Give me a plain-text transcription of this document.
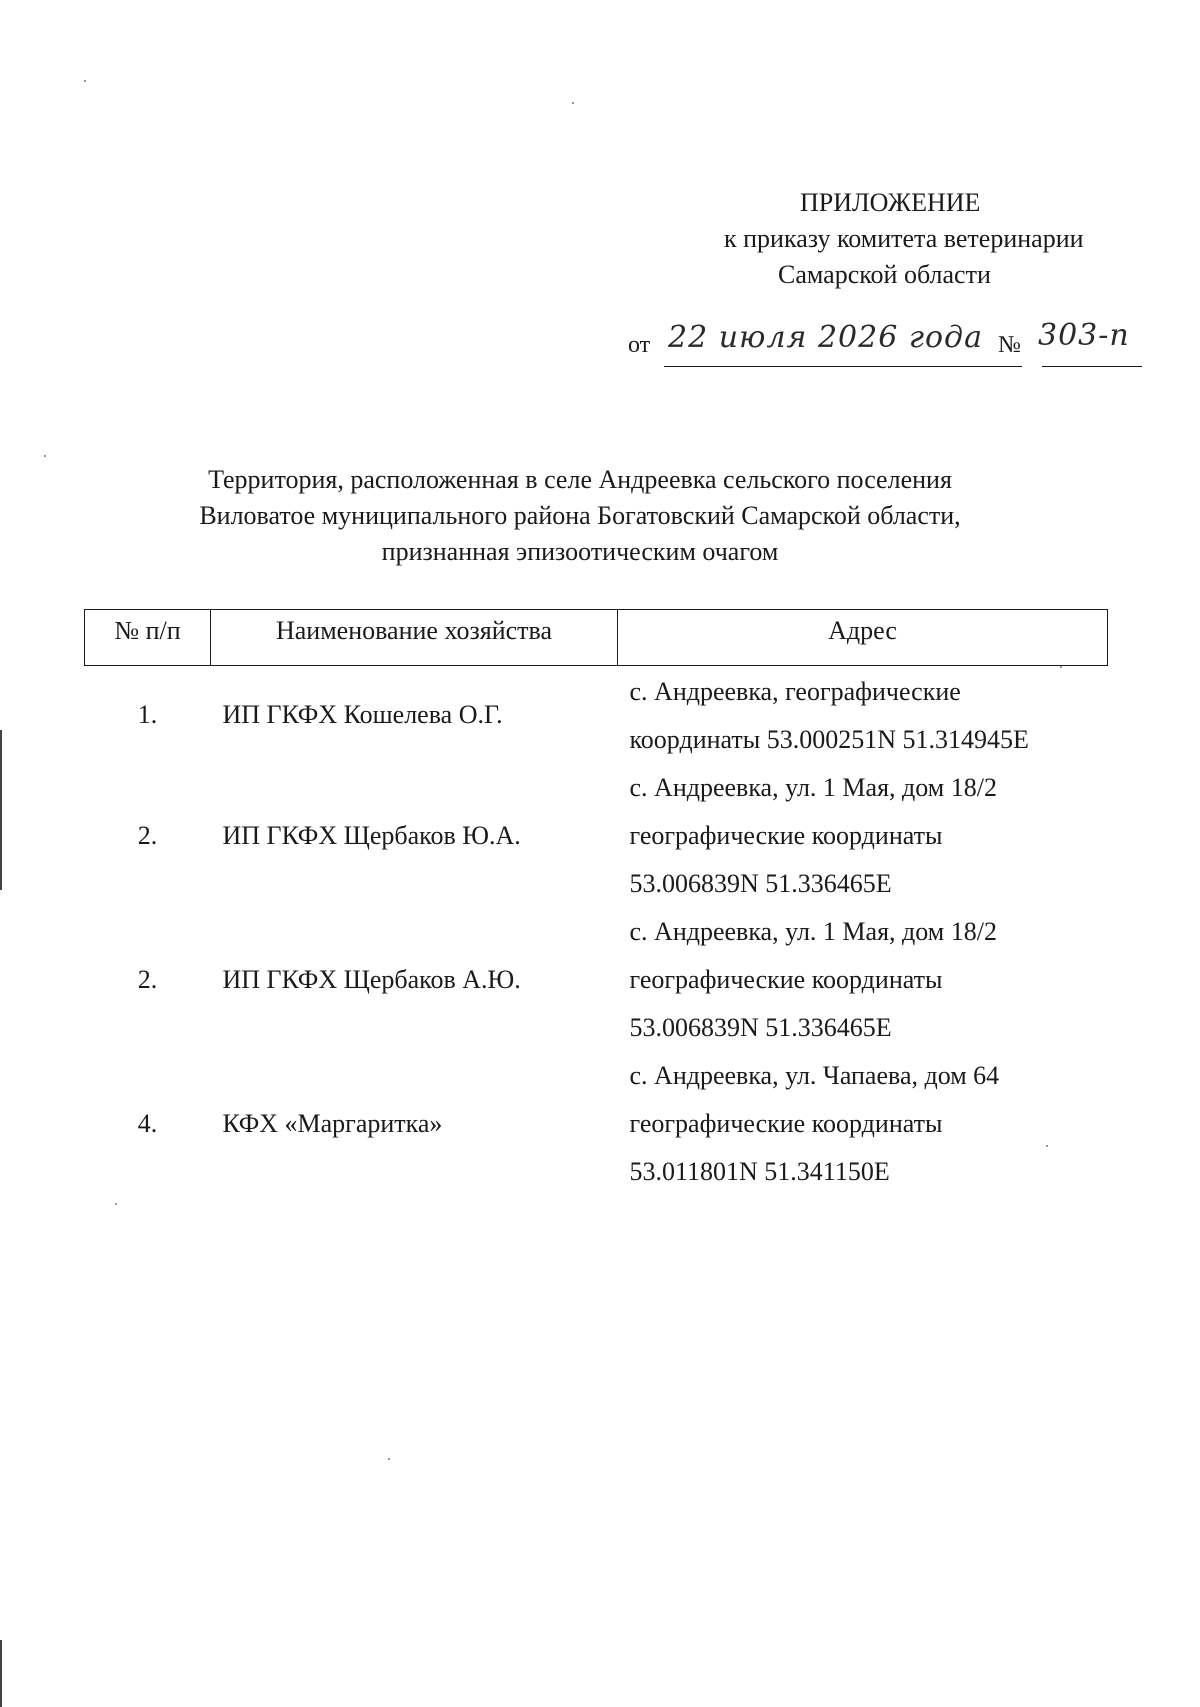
ПРИЛОЖЕНИЕ
к приказу комитета ветеринарии
Самарской области
от 22 июля 2026 года № 303-п
Территория, расположенная в селе Андреевка сельского поселения
Виловатое муниципального района Богатовский Самарской области,
признанная эпизоотическим очагом
№ п/п	Наименование хозяйства	Адрес
1.	ИП ГКФХ Кошелева О.Г.	с. Андреевка, географические
координаты 53.000251N 51.314945E

2.	ИП ГКФХ Щербаков Ю.А.	с. Андреевка, ул. 1 Мая, дом 18/2
географические координаты
53.006839N 51.336465E

2.	ИП ГКФХ Щербаков А.Ю.	с. Андреевка, ул. 1 Мая, дом 18/2
географические координаты
53.006839N 51.336465E

4.	КФХ «Маргаритка»	с. Андреевка, ул. Чапаева, дом 64
географические координаты
53.011801N 51.341150E
